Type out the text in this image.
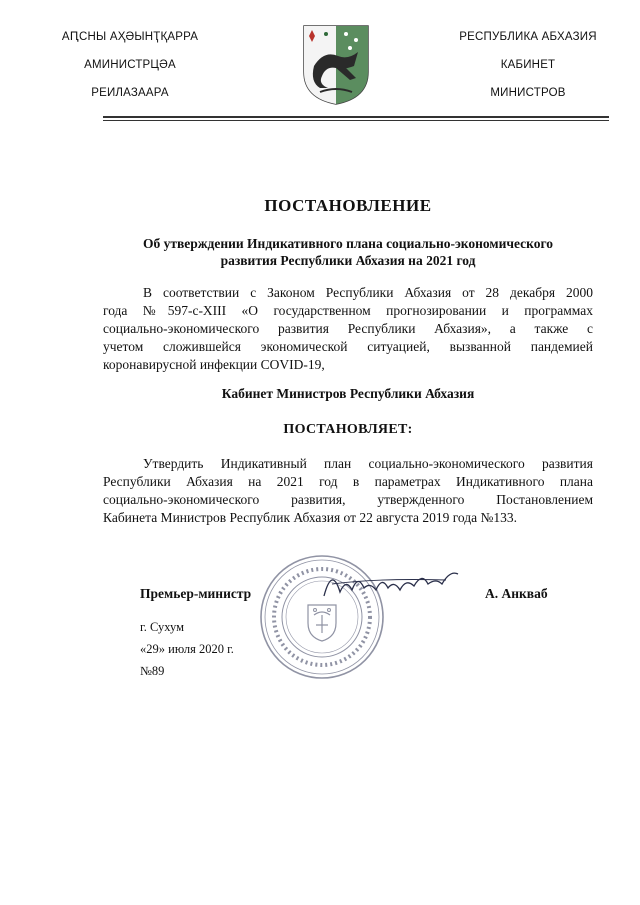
АԤСНЫ АҲӘЫНҬҚАРРА
АМИНИСТРЦӘА
РЕИЛАЗААРА
РЕСПУБЛИКА АБХАЗИЯ
КАБИНЕТ
МИНИСТРОВ
ПОСТАНОВЛЕНИЕ
Об утверждении Индикативного плана социально-экономического
развития Республики Абхазия на 2021 год
В соответствии с Законом Республики Абхазия от 28 декабря 2000
года №597-с-XIII «О государственном прогнозировании и программах
социально-экономического развития Республики Абхазия», а также с
учетом сложившейся экономической ситуацией, вызванной пандемией
коронавирусной инфекции COVID-19,
Кабинет Министров Республики Абхазия
ПОСТАНОВЛЯЕТ:
Утвердить Индикативный план социально-экономического развития
Республики Абхазия на 2021 год в параметрах Индикативного плана
социально-экономического развития, утвержденного Постановлением
Кабинета Министров Республик Абхазия от 22 августа 2019 года №133.
Премьер-министр	А. Анкваб
г. Сухум
«29» июля 2020 г.
№89
